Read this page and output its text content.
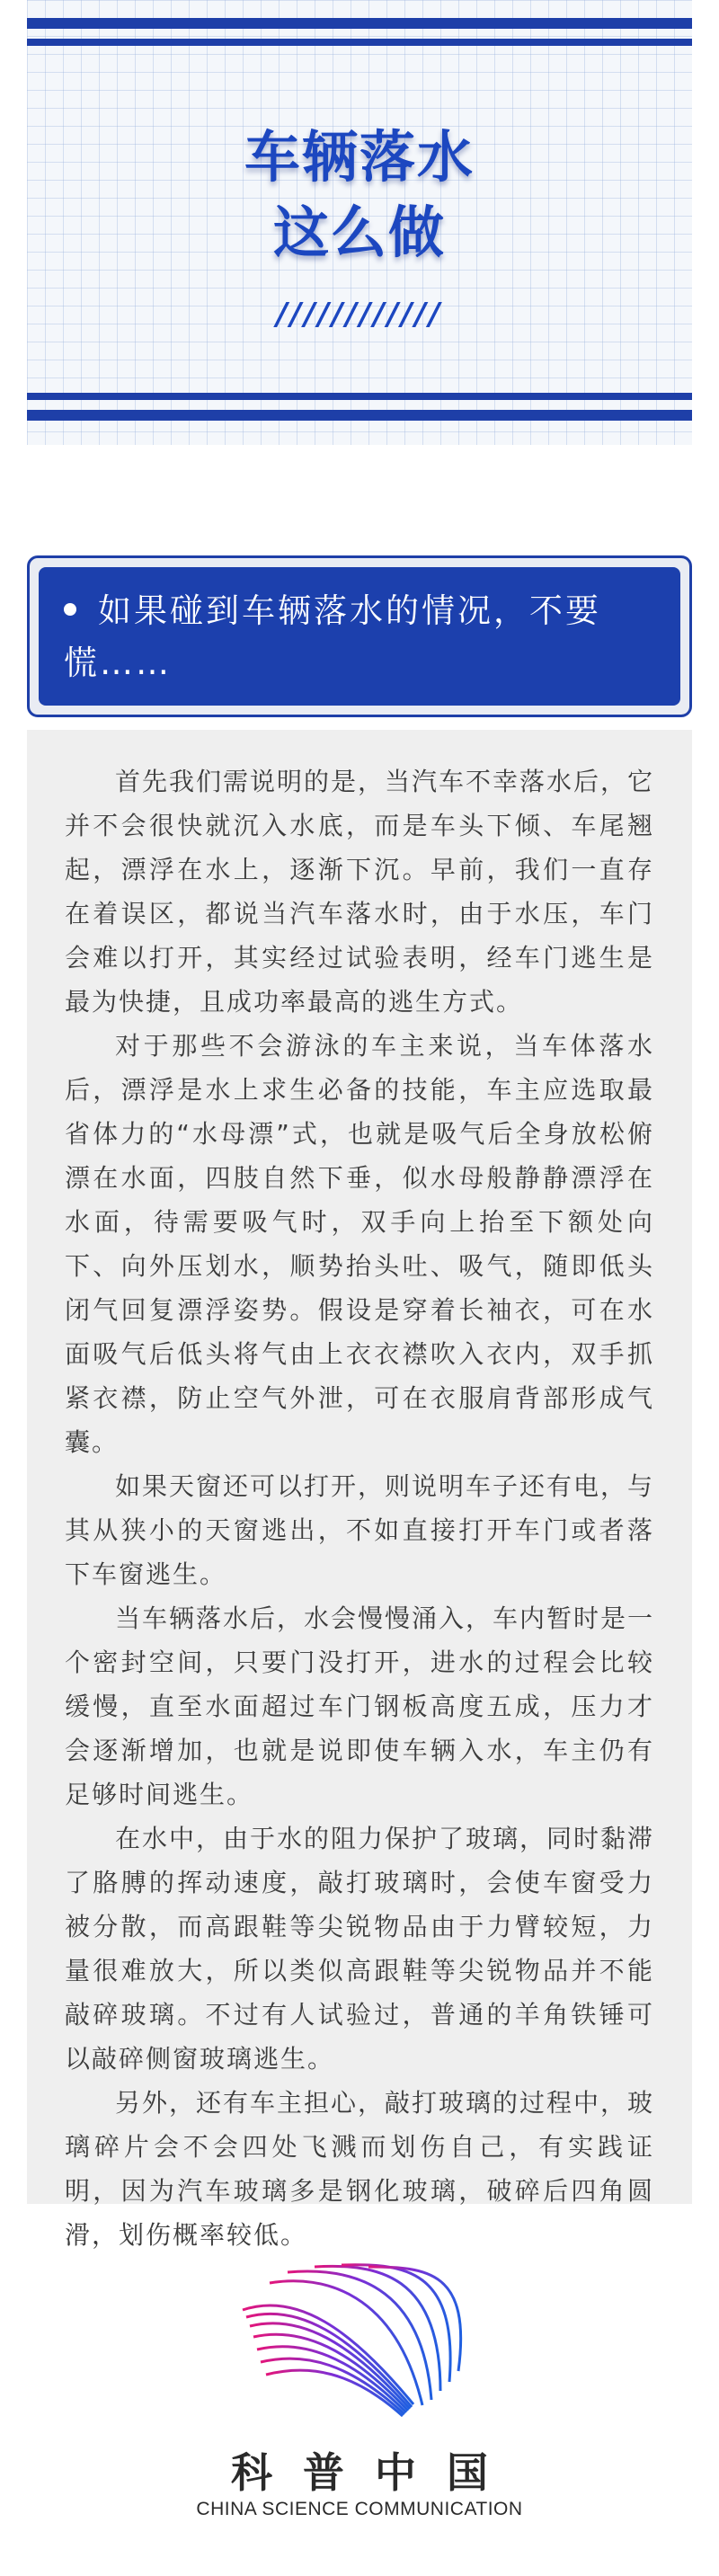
车辆落水
这么做
////////////
如果碰到车辆落水的情况，不要慌……

首先我们需说明的是，当汽车不幸落水后，它并不会很快就沉入水底，而是车头下倾、车尾翘起，漂浮在水上，逐渐下沉。早前，我们一直存在着误区，都说当汽车落水时，由于水压，车门会难以打开，其实经过试验表明，经车门逃生是最为快捷，且成功率最高的逃生方式。

对于那些不会游泳的车主来说，当车体落水后，漂浮是水上求生必备的技能，车主应选取最省体力的“水母漂”式，也就是吸气后全身放松俯漂在水面，四肢自然下垂，似水母般静静漂浮在水面，待需要吸气时，双手向上抬至下额处向下、向外压划水，顺势抬头吐、吸气，随即低头闭气回复漂浮姿势。假设是穿着长袖衣，可在水面吸气后低头将气由上衣衣襟吹入衣内，双手抓紧衣襟，防止空气外泄，可在衣服肩背部形成气囊。

如果天窗还可以打开，则说明车子还有电，与其从狭小的天窗逃出，不如直接打开车门或者落下车窗逃生。

当车辆落水后，水会慢慢涌入，车内暂时是一个密封空间，只要门没打开，进水的过程会比较缓慢，直至水面超过车门钢板高度五成，压力才会逐渐增加，也就是说即使车辆入水，车主仍有足够时间逃生。

在水中，由于水的阻力保护了玻璃，同时黏滞了胳膊的挥动速度，敲打玻璃时，会使车窗受力被分散，而高跟鞋等尖锐物品由于力臂较短，力量很难放大，所以类似高跟鞋等尖锐物品并不能敲碎玻璃。不过有人试验过，普通的羊角铁锤可以敲碎侧窗玻璃逃生。

另外，还有车主担心，敲打玻璃的过程中，玻璃碎片会不会四处飞溅而划伤自己，有实践证明，因为汽车玻璃多是钢化玻璃，破碎后四角圆滑，划伤概率较低。

科普中国
CHINA SCIENCE COMMUNICATION
